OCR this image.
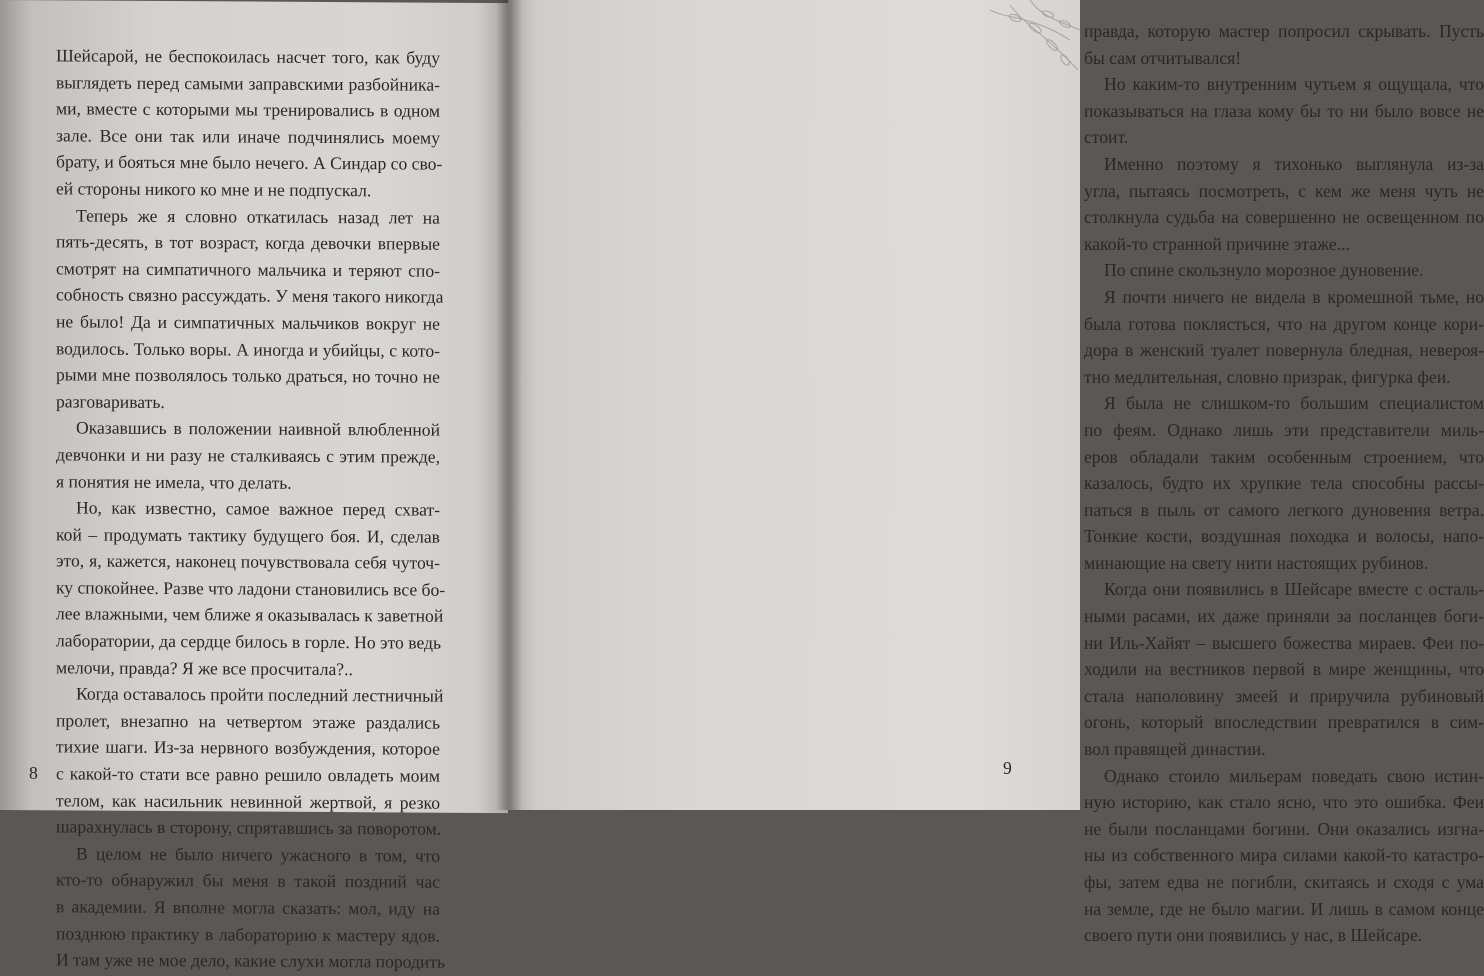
Шейсарой, не беспокоилась насчет того, как буду
выглядеть перед самыми заправскими разбойника-
ми, вместе с которыми мы тренировались в одном
зале. Все они так или иначе подчинялись моему
брату, и бояться мне было нечего. А Синдар со сво-
ей стороны никого ко мне и не подпускал.
Теперь же я словно откатилась назад лет на
пять-десять, в тот возраст, когда девочки впервые
смотрят на симпатичного мальчика и теряют спо-
собность связно рассуждать. У меня такого никогда
не было! Да и симпатичных мальчиков вокруг не
водилось. Только воры. А иногда и убийцы, с кото-
рыми мне позволялось только драться, но точно не
разговаривать.
Оказавшись в положении наивной влюбленной
девчонки и ни разу не сталкиваясь с этим прежде,
я понятия не имела, что делать.
Но, как известно, самое важное перед схват-
кой – продумать тактику будущего боя. И, сделав
это, я, кажется, наконец почувствовала себя чуточ-
ку спокойнее. Разве что ладони становились все бо-
лее влажными, чем ближе я оказывалась к заветной
лаборатории, да сердце билось в горле. Но это ведь
мелочи, правда? Я же все просчитала?..
Когда оставалось пройти последний лестничный
пролет, внезапно на четвертом этаже раздались
тихие шаги. Из-за нервного возбуждения, которое
с какой-то стати все равно решило овладеть моим
телом, как насильник невинной жертвой, я резко
шарахнулась в сторону, спрятавшись за поворотом.
В целом не было ничего ужасного в том, что
кто-то обнаружил бы меня в такой поздний час
в академии. Я вполне могла сказать: мол, иду на
позднюю практику в лабораторию к мастеру ядов.
И там уже не мое дело, какие слухи могла породить
правда, которую мастер попросил скрывать. Пусть
бы сам отчитывался!
Но каким-то внутренним чутьем я ощущала, что
показываться на глаза кому бы то ни было вовсе не
стоит.
Именно поэтому я тихонько выглянула из-за
угла, пытаясь посмотреть, с кем же меня чуть не
столкнула судьба на совершенно не освещенном по
какой-то странной причине этаже...
По спине скользнуло морозное дуновение.
Я почти ничего не видела в кромешной тьме, но
была готова поклясться, что на другом конце кори-
дора в женский туалет повернула бледная, невероя-
тно медлительная, словно призрак, фигурка феи.
Я была не слишком-то большим специалистом
по феям. Однако лишь эти представители миль-
еров обладали таким особенным строением, что
казалось, будто их хрупкие тела способны рассы-
паться в пыль от самого легкого дуновения ветра.
Тонкие кости, воздушная походка и волосы, напо-
минающие на свету нити настоящих рубинов.
Когда они появились в Шейсаре вместе с осталь-
ными расами, их даже приняли за посланцев боги-
ни Иль-Хайят – высшего божества мираев. Феи по-
ходили на вестников первой в мире женщины, что
стала наполовину змеей и приручила рубиновый
огонь, который впоследствии превратился в сим-
вол правящей династии.
Однако стоило мильерам поведать свою истин-
ную историю, как стало ясно, что это ошибка. Феи
не были посланцами богини. Они оказались изгна-
ны из собственного мира силами какой-то катастро-
фы, затем едва не погибли, скитаясь и сходя с ума
на земле, где не было магии. И лишь в самом конце
своего пути они появились у нас, в Шейсаре.
8	9
